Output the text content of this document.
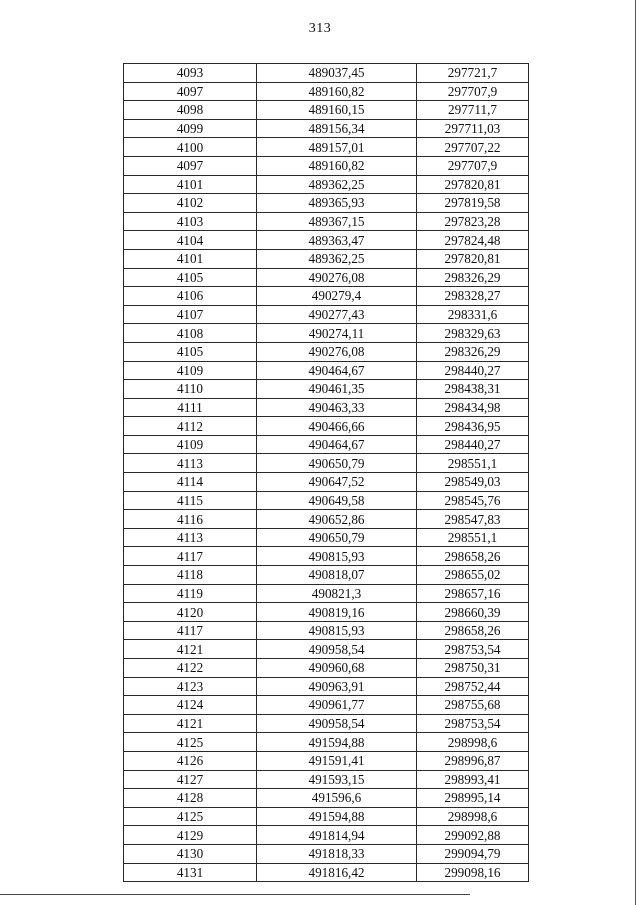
313
4093	489037,45	297721,7
4097	489160,82	297707,9
4098	489160,15	297711,7
4099	489156,34	297711,03
4100	489157,01	297707,22
4097	489160,82	297707,9
4101	489362,25	297820,81
4102	489365,93	297819,58
4103	489367,15	297823,28
4104	489363,47	297824,48
4101	489362,25	297820,81
4105	490276,08	298326,29
4106	490279,4	298328,27
4107	490277,43	298331,6
4108	490274,11	298329,63
4105	490276,08	298326,29
4109	490464,67	298440,27
4110	490461,35	298438,31
4111	490463,33	298434,98
4112	490466,66	298436,95
4109	490464,67	298440,27
4113	490650,79	298551,1
4114	490647,52	298549,03
4115	490649,58	298545,76
4116	490652,86	298547,83
4113	490650,79	298551,1
4117	490815,93	298658,26
4118	490818,07	298655,02
4119	490821,3	298657,16
4120	490819,16	298660,39
4117	490815,93	298658,26
4121	490958,54	298753,54
4122	490960,68	298750,31
4123	490963,91	298752,44
4124	490961,77	298755,68
4121	490958,54	298753,54
4125	491594,88	298998,6
4126	491591,41	298996,87
4127	491593,15	298993,41
4128	491596,6	298995,14
4125	491594,88	298998,6
4129	491814,94	299092,88
4130	491818,33	299094,79
4131	491816,42	299098,16
